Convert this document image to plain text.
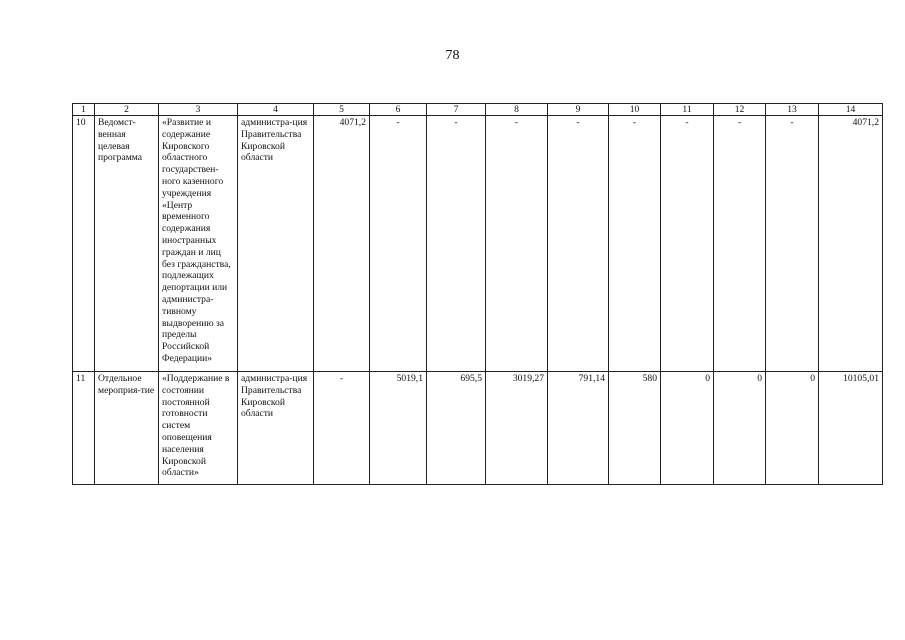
78
1	2	3	4	5	6	7	8	9	10	11	12	13	14
10	Ведомст-венная целевая программа	«Развитие и содержание Кировского областного государствен-ного казенного учреждения «Центр временного содержания иностранных граждан и лиц без гражданства, подлежащих депортации или администра-тивному выдворению за пределы Российской Федерации»	администра-ция Правительства Кировской области	4071,2	-	-	-	-	-	-	-	-	4071,2
11	Отдельное мероприя-тие	«Поддержание в состоянии постоянной готовности систем оповещения населения Кировской области»	администра-ция Правительства Кировской области	-	5019,1	695,5	3019,27	791,14	580	0	0	0	10105,01
